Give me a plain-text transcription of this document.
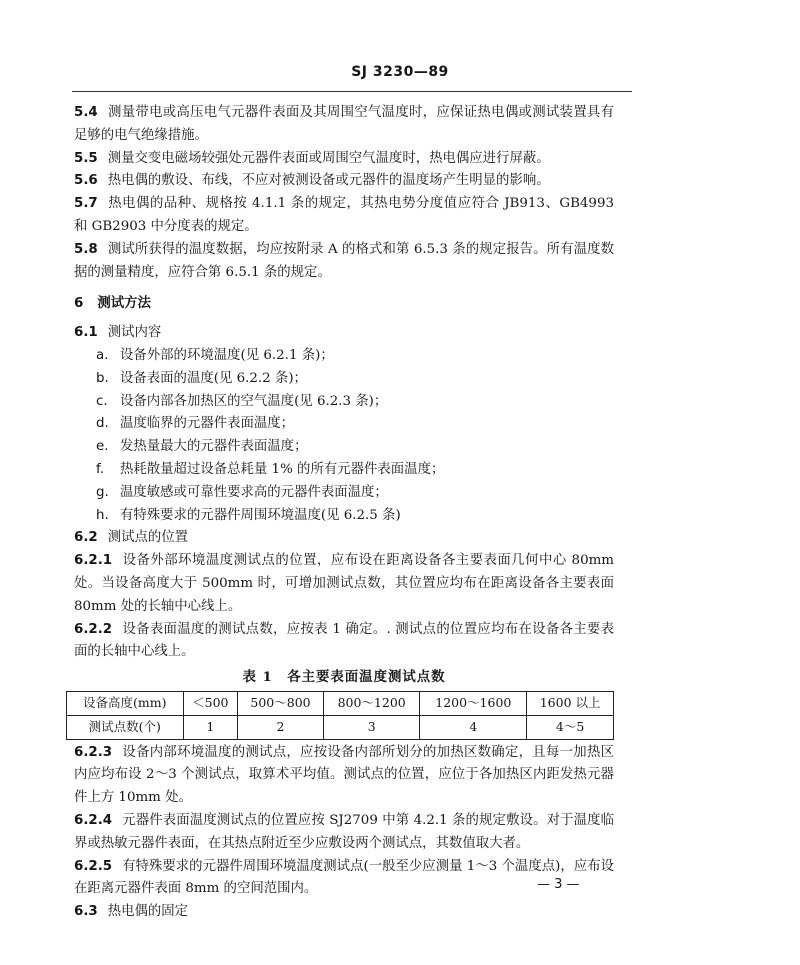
SJ 3230—89

5.4 测量带电或高压电气元器件表面及其周围空气温度时，应保证热电偶或测试装置具有足够的电气绝缘措施。

5.5 测量交变电磁场较强处元器件表面或周围空气温度时，热电偶应进行屏蔽。

5.6 热电偶的敷设、布线，不应对被测设备或元器件的温度场产生明显的影响。

5.7 热电偶的品种、规格按 4.1.1 条的规定，其热电势分度值应符合 JB913、GB4993 和 GB2903 中分度表的规定。

5.8 测试所获得的温度数据，均应按附录 A 的格式和第 6.5.3 条的规定报告。所有温度数据的测量精度，应符合第 6.5.1 条的规定。

6 测试方法
6.1 测试内容
a. 设备外部的环境温度(见 6.2.1 条)；
b. 设备表面的温度(见 6.2.2 条)；
c. 设备内部各加热区的空气温度(见 6.2.3 条)；
d. 温度临界的元器件表面温度；
e. 发热量最大的元器件表面温度；
f. 热耗散量超过设备总耗量 1% 的所有元器件表面温度；
g. 温度敏感或可靠性要求高的元器件表面温度；
h. 有特殊要求的元器件周围环境温度(见 6.2.5 条)
6.2 测试点的位置

6.2.1 设备外部环境温度测试点的位置，应布设在距离设备各主要表面几何中心 80mm 处。当设备高度大于 500mm 时，可增加测试点数，其位置应均布在距离设备各主要表面 80mm 处的长轴中心线上。

6.2.2 设备表面温度的测试点数，应按表 1 确定。. 测试点的位置应均布在设备各主要表面的长轴中心线上。

表 1　各主要表面温度测试点数
设备高度(mm)	＜500	500～800	800～1200	1200～1600	1600 以上
测试点数(个)	1	2	3	4	4～5

6.2.3 设备内部环境温度的测试点，应按设备内部所划分的加热区数确定，且每一加热区内应均布设 2～3 个测试点，取算术平均值。测试点的位置，应位于各加热区内距发热元器件上方 10mm 处。

6.2.4 元器件表面温度测试点的位置应按 SJ2709 中第 4.2.1 条的规定敷设。对于温度临界或热敏元器件表面，在其热点附近至少应敷设两个测试点，其数值取大者。

6.2.5 有特殊要求的元器件周围环境温度测试点(一般至少应测量 1～3 个温度点)，应布设在距离元器件表面 8mm 的空间范围内。

6.3 热电偶的固定
— 3 —
